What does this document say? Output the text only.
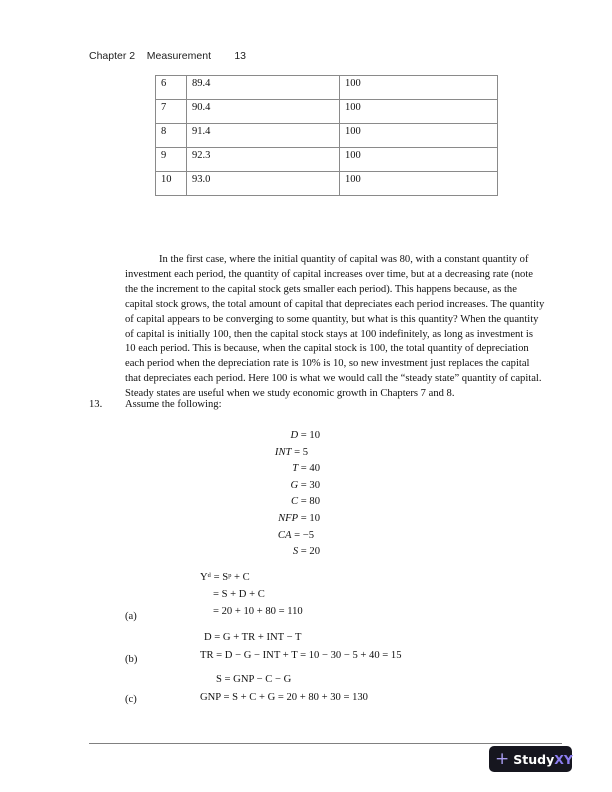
Chapter 2 Measurement 13
6	89.4	100
7	90.4	100
8	91.4	100
9	92.3	100
10	93.0	100
In the first case, where the initial quantity of capital was 80, with a constant quantity of
investment each period, the quantity of capital increases over time, but at a decreasing rate (note
the the increment to the capital stock gets smaller each period). This happens because, as the
capital stock grows, the total amount of capital that depreciates each period increases. The quantity
of capital appears to be converging to some quantity, but what is this quantity? When the quantity
of capital is initially 100, then the capital stock stays at 100 indefinitely, as long as investment is
10 each period. This is because, when the capital stock is 100, the total quantity of depreciation
each period when the depreciation rate is 10% is 10, so new investment just replaces the capital
that depreciates each period. Here 100 is what we would call the “steady state” quantity of capital.
Steady states are useful when we study economic growth in Chapters 7 and 8.
13. Assume the following:
D = 10
INT = 5
T = 40
G = 30
C = 80
NFP = 10
CA = −5
S = 20
(a)
Yᵈ = Sᵖ + C
= S + D + C
= 20 + 10 + 80 = 110
(b)
D = G + TR + INT − T
TR = D − G − INT + T = 10 − 30 − 5 + 40 = 15
(c)
S = GNP − C − G
GNP = S + C + G = 20 + 80 + 30 = 130
+ Study XY
